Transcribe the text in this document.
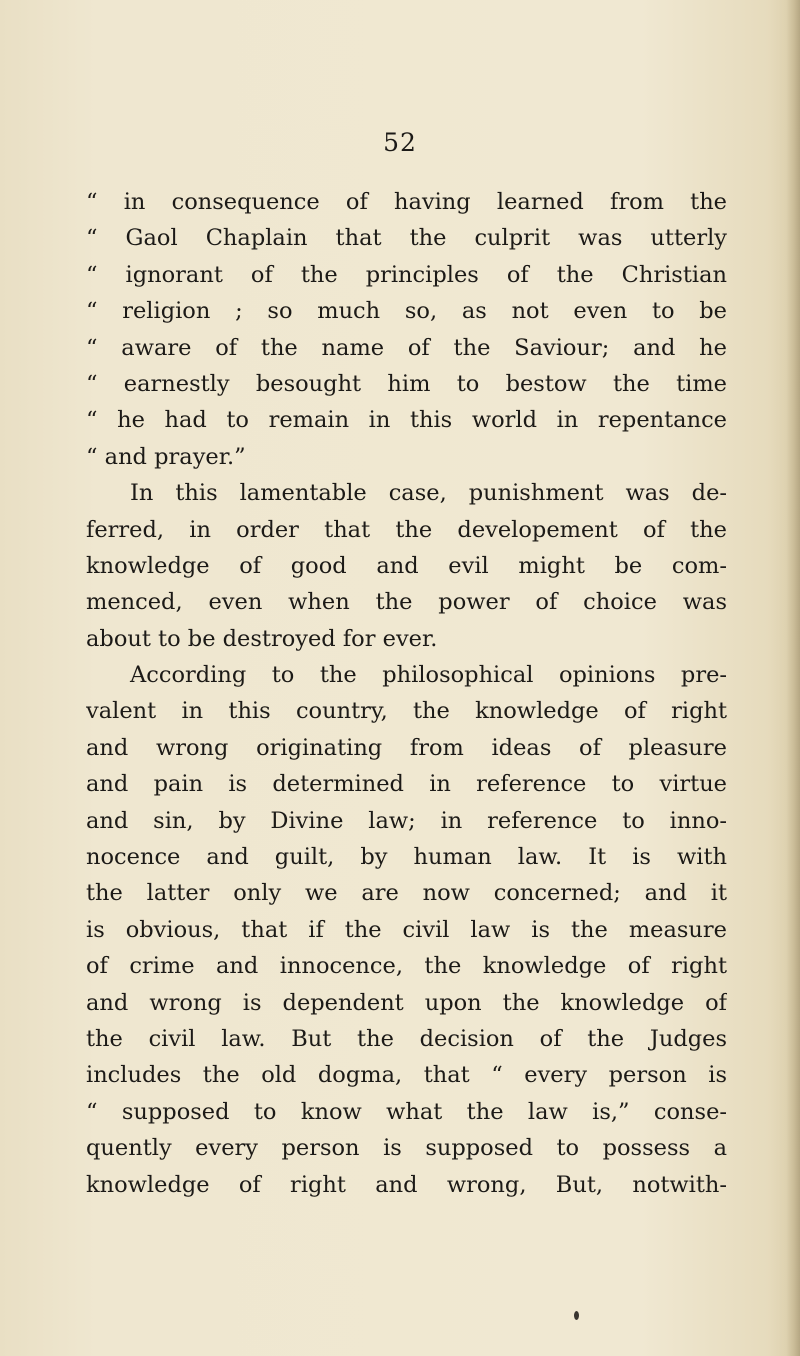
52
“ in consequence of having learned from the
“ Gaol Chaplain that the culprit was utterly
“ ignorant of the principles of the Christian
“ religion ; so much so, as not even to be
“ aware of the name of the Saviour; and he
“ earnestly besought him to bestow the time
“ he had to remain in this world in repentance
“ and prayer.”
In this lamentable case, punishment was de-
ferred, in order that the developement of the
knowledge of good and evil might be com-
menced, even when the power of choice was
about to be destroyed for ever.
According to the philosophical opinions pre-
valent in this country, the knowledge of right
and wrong originating from ideas of pleasure
and pain is determined in reference to virtue
and sin, by Divine law; in reference to inno-
nocence and guilt, by human law. It is with
the latter only we are now concerned; and it
is obvious, that if the civil law is the measure
of crime and innocence, the knowledge of right
and wrong is dependent upon the knowledge of
the civil law. But the decision of the Judges
includes the old dogma, that “ every person is
“ supposed to know what the law is,” conse-
quently every person is supposed to possess a
knowledge of right and wrong, But, notwith-
